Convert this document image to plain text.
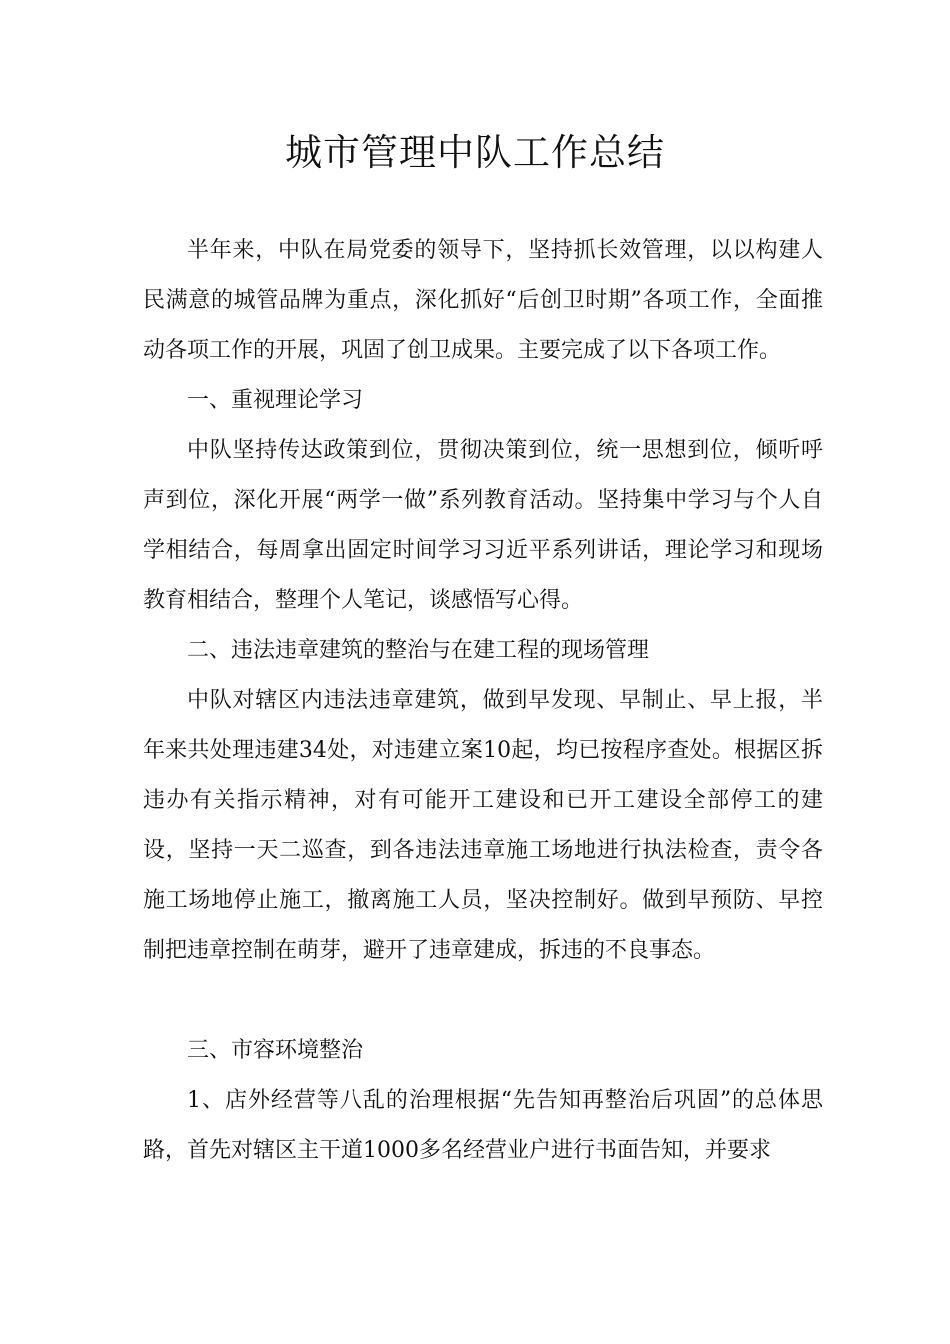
城市管理中队工作总结

半年来，中队在局党委的领导下，坚持抓长效管理，以以构建人民满意的城管品牌为重点，深化抓好“后创卫时期”各项工作，全面推动各项工作的开展，巩固了创卫成果。主要完成了以下各项工作。

一、重视理论学习

中队坚持传达政策到位，贯彻决策到位，统一思想到位，倾听呼声到位，深化开展“两学一做”系列教育活动。坚持集中学习与个人自学相结合，每周拿出固定时间学习习近平系列讲话，理论学习和现场教育相结合，整理个人笔记，谈感悟写心得。

二、违法违章建筑的整治与在建工程的现场管理

中队对辖区内违法违章建筑，做到早发现、早制止、早上报，半年来共处理违建34处，对违建立案10起，均已按程序查处。根据区拆违办有关指示精神，对有可能开工建设和已开工建设全部停工的建设，坚持一天二巡查，到各违法违章施工场地进行执法检查，责令各施工场地停止施工，撤离施工人员，坚决控制好。做到早预防、早控制把违章控制在萌芽，避开了违章建成，拆违的不良事态。

三、市容环境整治

1、店外经营等八乱的治理根据“先告知再整治后巩固”的总体思路，首先对辖区主干道1000多名经营业户进行书面告知，并要求
